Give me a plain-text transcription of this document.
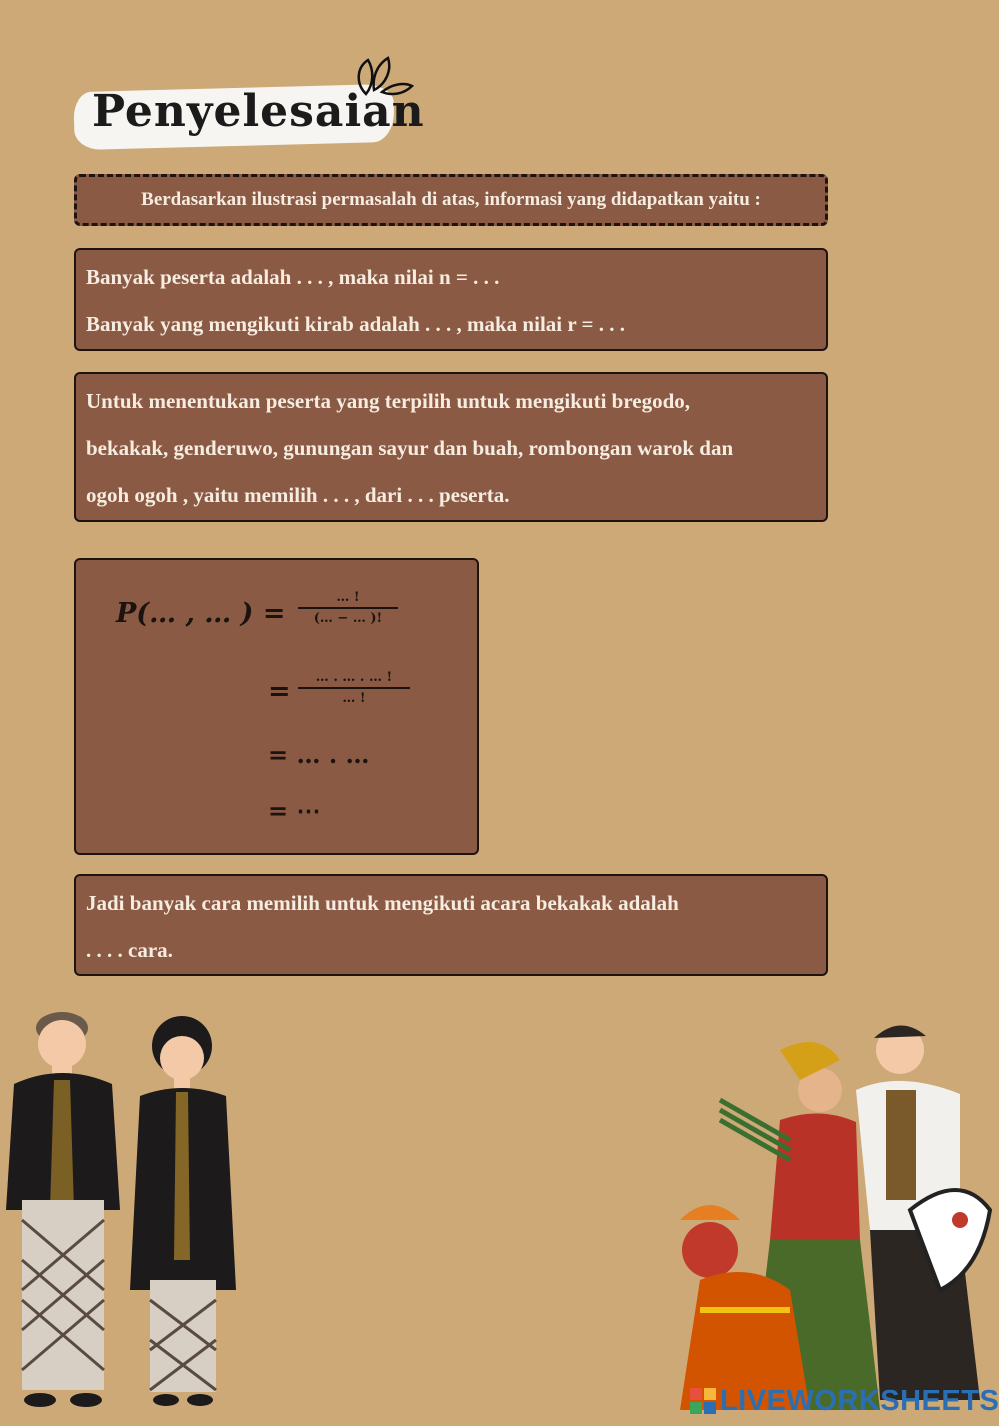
Penyelesaian
Berdasarkan ilustrasi permasalah di atas, informasi yang didapatkan yaitu :

Banyak peserta adalah . . . , maka nilai n = . . .

Banyak yang mengikuti kirab adalah . . . , maka nilai r = . . .

Untuk menentukan peserta yang terpilih untuk mengikuti bregodo,

bekakak, genderuwo, gunungan sayur dan buah, rombongan warok dan

ogoh ogoh , yaitu memilih . . . , dari . . . peserta.

P(… , … ) =
… !
(… − … )!
=	… . … . … !
… !
= … . …
= ⋯

Jadi banyak cara memilih untuk mengikuti acara bekakak adalah

. . . . cara.

LIVEWORKSHEETS
